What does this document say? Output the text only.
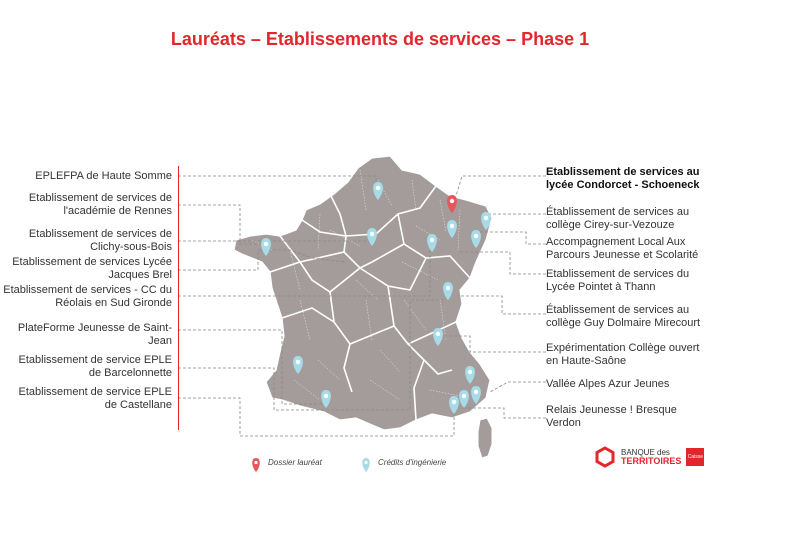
Lauréats – Etablissements de services – Phase 1
EPLEFPA de Haute Somme
Etablissement de services de l'académie de Rennes
Etablissement de services de Clichy-sous-Bois
Etablissement de services Lycée Jacques Brel
Etablissement de services - CC du Réolais en Sud Gironde
PlateForme Jeunesse de Saint-Jean
Etablissement de service EPLE de Barcelonnette
Etablissement de service EPLE de Castellane
Etablissement de services au lycée Condorcet - Schoeneck
Établissement de services au collège Cirey-sur-Vezouze
Accompagnement Local Aux Parcours Jeunesse et Scolarité
Etablissement de services du Lycée Pointet à Thann
Établissement de services au collège Guy Dolmaire Mirecourt
Expérimentation Collège ouvert en Haute-Saône
Vallée Alpes Azur Jeunes
Relais Jeunesse ! Bresque Verdon
Dossier lauréat	Crédits d'ingénierie
BANQUE des
TERRITOIRES Caisse des Dépôts
